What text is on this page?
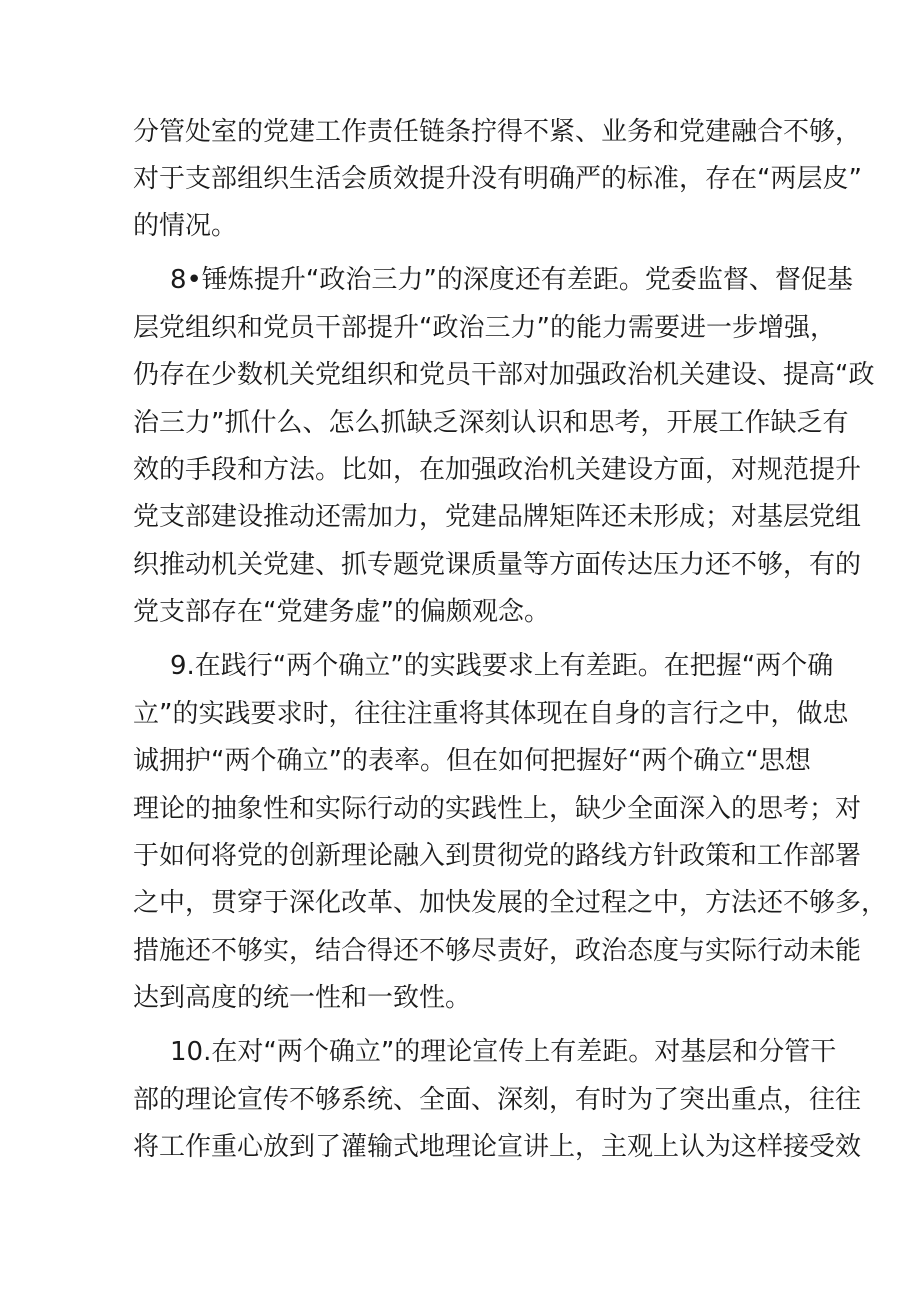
分管处室的党建工作责任链条拧得不紧、业务和党建融合不够，
对于支部组织生活会质效提升没有明确严的标准，存在“两层皮”
的情况。
8•锤炼提升“政治三力”的深度还有差距。党委监督、督促基
层党组织和党员干部提升“政治三力”的能力需要进一步增强，
仍存在少数机关党组织和党员干部对加强政治机关建设、提高“政
治三力”抓什么、怎么抓缺乏深刻认识和思考，开展工作缺乏有
效的手段和方法。比如，在加强政治机关建设方面，对规范提升
党支部建设推动还需加力，党建品牌矩阵还未形成；对基层党组
织推动机关党建、抓专题党课质量等方面传达压力还不够，有的
党支部存在“党建务虚”的偏颇观念。
9.在践行“两个确立”的实践要求上有差距。在把握“两个确
立”的实践要求时，往往注重将其体现在自身的言行之中，做忠
诚拥护“两个确立”的表率。但在如何把握好“两个确立“思想
理论的抽象性和实际行动的实践性上，缺少全面深入的思考；对
于如何将党的创新理论融入到贯彻党的路线方针政策和工作部署
之中，贯穿于深化改革、加快发展的全过程之中，方法还不够多，
措施还不够实，结合得还不够尽责好，政治态度与实际行动未能
达到高度的统一性和一致性。
10.在对“两个确立”的理论宣传上有差距。对基层和分管干
部的理论宣传不够系统、全面、深刻，有时为了突出重点，往往
将工作重心放到了灌输式地理论宣讲上，主观上认为这样接受效
